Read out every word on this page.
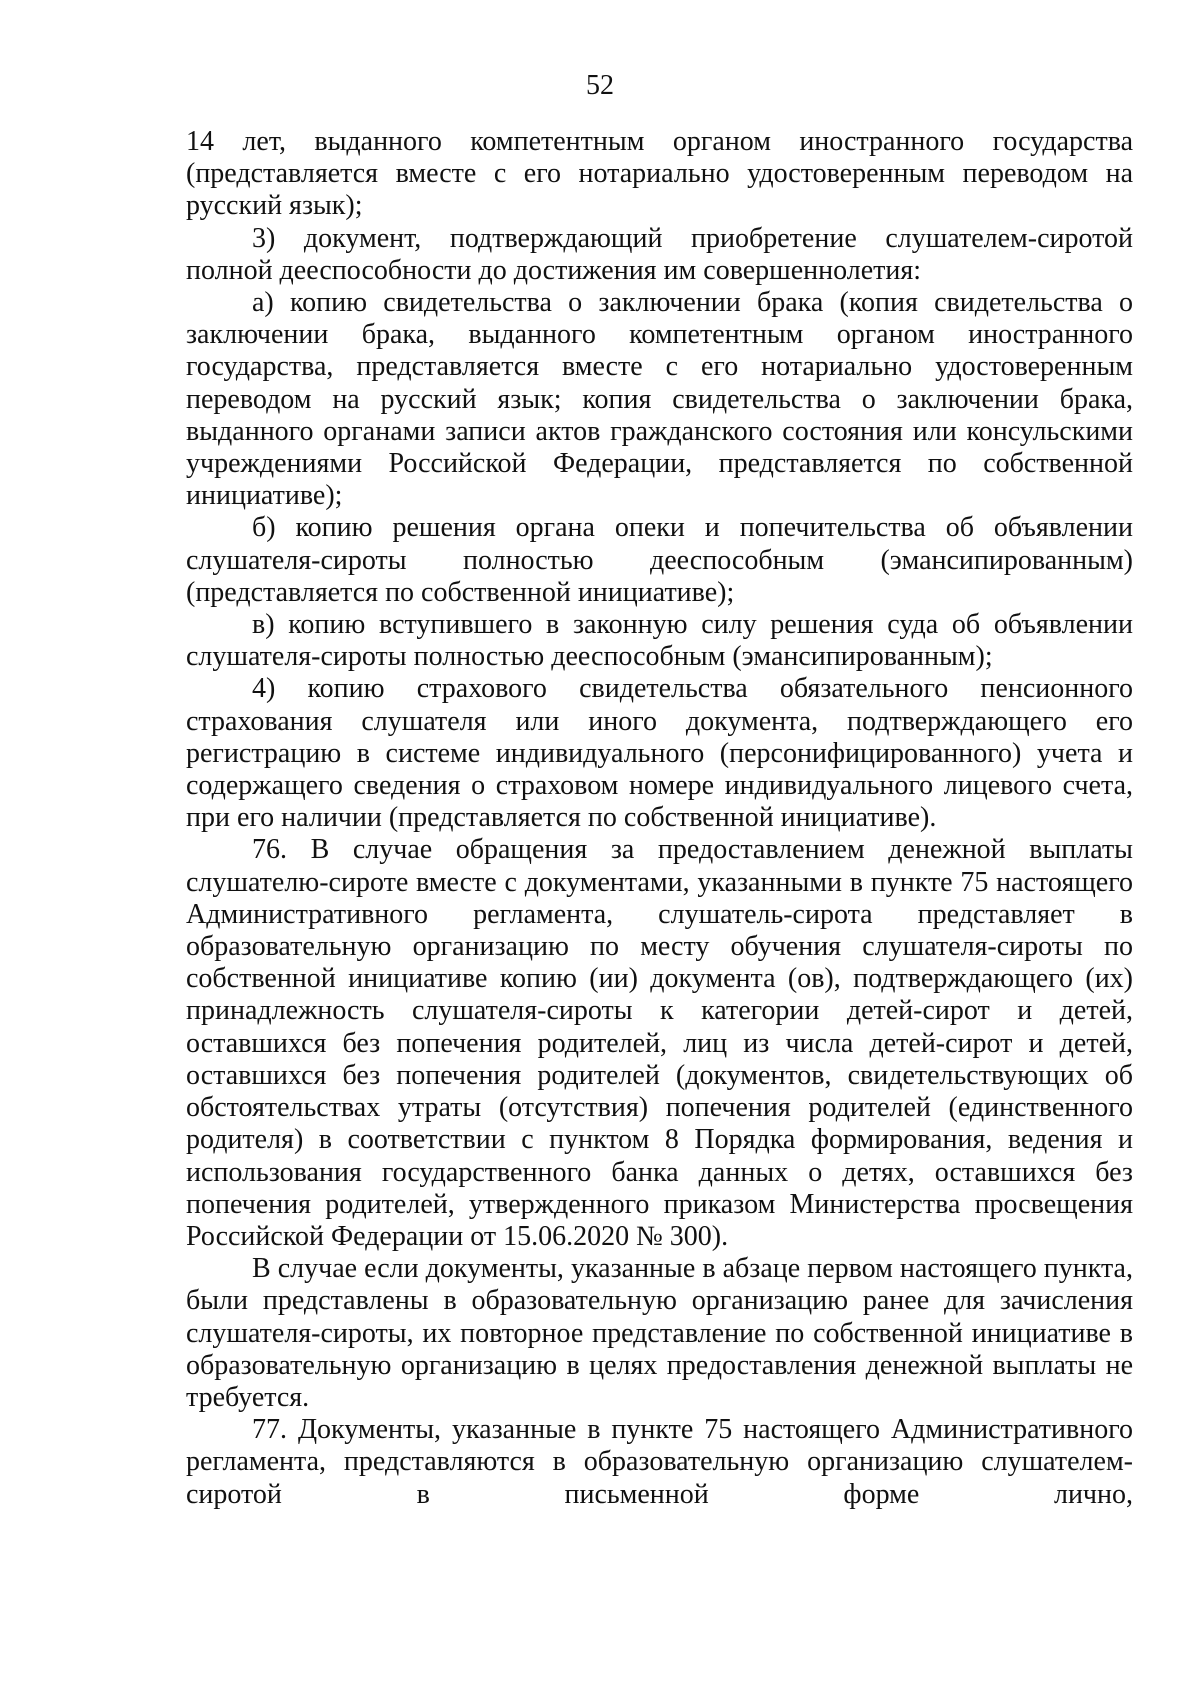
52

14 лет, выданного компетентным органом иностранного государства (представляется вместе с его нотариально удостоверенным переводом на русский язык);

3) документ, подтверждающий приобретение слушателем-сиротой полной дееспособности до достижения им совершеннолетия:

а) копию свидетельства о заключении брака (копия свидетельства о заключении брака, выданного компетентным органом иностранного государства, представляется вместе с его нотариально удостоверенным переводом на русский язык; копия свидетельства о заключении брака, выданного органами записи актов гражданского состояния или консульскими учреждениями Российской Федерации, представляется по собственной инициативе);

б) копию решения органа опеки и попечительства об объявлении слушателя-сироты полностью дееспособным (эмансипированным) (представляется по собственной инициативе);

в) копию вступившего в законную силу решения суда об объявлении слушателя-сироты полностью дееспособным (эмансипированным);

4) копию страхового свидетельства обязательного пенсионного страхования слушателя или иного документа, подтверждающего его регистрацию в системе индивидуального (персонифицированного) учета и содержащего сведения о страховом номере индивидуального лицевого счета, при его наличии (представляется по собственной инициативе).

76. В случае обращения за предоставлением денежной выплаты слушателю-сироте вместе с документами, указанными в пункте 75 настоящего Административного регламента, слушатель-сирота представляет в образовательную организацию по месту обучения слушателя-сироты по собственной инициативе копию (ии) документа (ов), подтверждающего (их) принадлежность слушателя-сироты к категории детей-сирот и детей, оставшихся без попечения родителей, лиц из числа детей-сирот и детей, оставшихся без попечения родителей (документов, свидетельствующих об обстоятельствах утраты (отсутствия) попечения родителей (единственного родителя) в соответствии с пунктом 8 Порядка формирования, ведения и использования государственного банка данных о детях, оставшихся без попечения родителей, утвержденного приказом Министерства просвещения Российской Федерации от 15.06.2020 № 300).

В случае если документы, указанные в абзаце первом настоящего пункта, были представлены в образовательную организацию ранее для зачисления слушателя-сироты, их повторное представление по собственной инициативе в образовательную организацию в целях предоставления денежной выплаты не требуется.

77. Документы, указанные в пункте 75 настоящего Административного регламента, представляются в образовательную организацию слушателем-сиротой в письменной форме лично,
